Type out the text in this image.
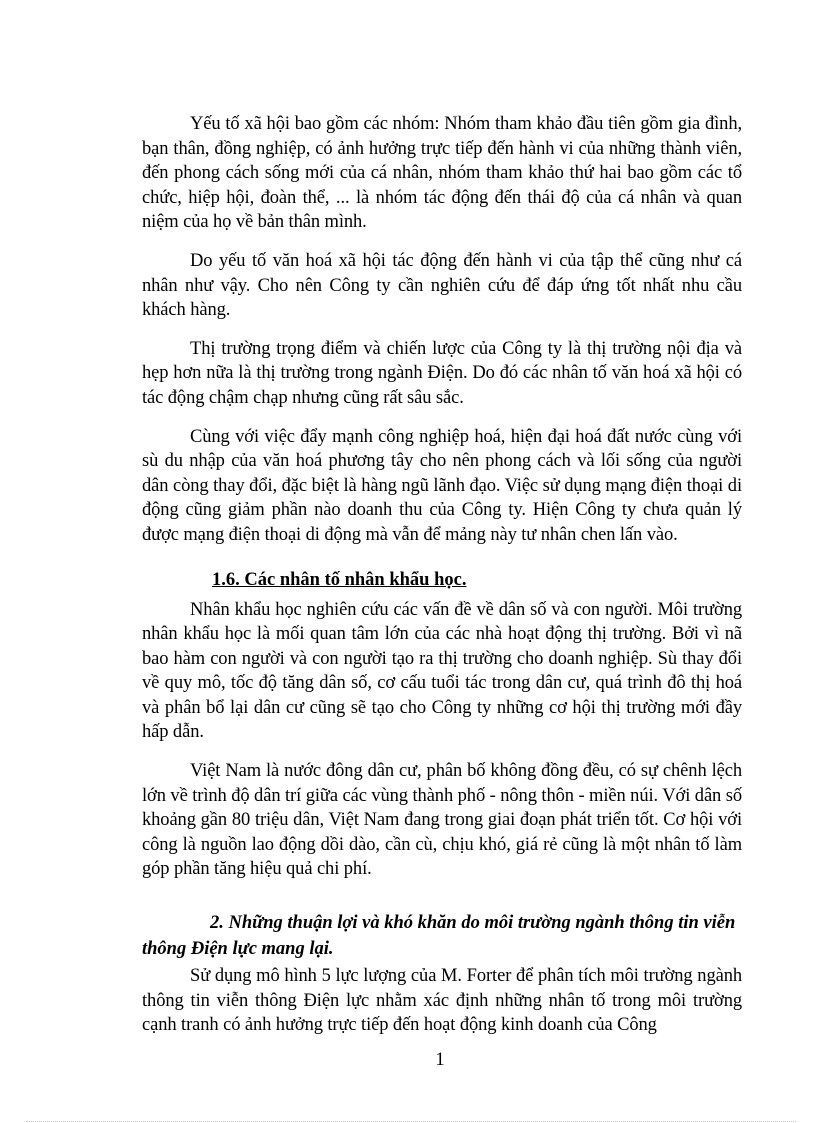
Yếu tố xã hội bao gồm các nhóm: Nhóm tham khảo đầu tiên gồm gia đình, bạn thân, đồng nghiệp, có ảnh hưởng trực tiếp đến hành vi của những thành viên, đến phong cách sống mới của cá nhân, nhóm tham khảo thứ hai bao gồm các tổ chức, hiệp hội, đoàn thể, ... là nhóm tác động đến thái độ của cá nhân và quan niệm của họ về bản thân mình.

Do yếu tố văn hoá xã hội tác động đến hành vi của tập thể cũng như cá nhân như vậy. Cho nên Công ty cần nghiên cứu để đáp ứng tốt nhất nhu cầu khách hàng.

Thị trường trọng điểm và chiến lược của Công ty là thị trường nội địa và hẹp hơn nữa là thị trường trong ngành Điện. Do đó các nhân tố văn hoá xã hội có tác động chậm chạp nhưng cũng rất sâu sắc.

Cùng với việc đẩy mạnh công nghiệp hoá, hiện đại hoá đất nước cùng với sù du nhập của văn hoá phương tây cho nên phong cách và lối sống của người dân còng thay đổi, đặc biệt là hàng ngũ lãnh đạo. Việc sử dụng mạng điện thoại di động cũng giảm phần nào doanh thu của Công ty. Hiện Công ty chưa quản lý được mạng điện thoại di động mà vẫn để mảng này tư nhân chen lấn vào.

1.6. Các nhân tố nhân khẩu học.

Nhân khẩu học nghiên cứu các vấn đề về dân số và con người. Môi trường nhân khẩu học là mối quan tâm lớn của các nhà hoạt động thị trường. Bởi vì nã bao hàm con người và con người tạo ra thị trường cho doanh nghiệp. Sù thay đổi về quy mô, tốc độ tăng dân số, cơ cấu tuổi tác trong dân cư, quá trình đô thị hoá và phân bổ lại dân cư cũng sẽ tạo cho Công ty những cơ hội thị trường mới đầy hấp dẫn.

Việt Nam là nước đông dân cư, phân bố không đồng đều, có sự chênh lệch lớn về trình độ dân trí giữa các vùng thành phố - nông thôn - miền núi. Với dân số khoảng gần 80 triệu dân, Việt Nam đang trong giai đoạn phát triển tốt. Cơ hội với công là nguồn lao động dồi dào, cần cù, chịu khó, giá rẻ cũng là một nhân tố làm góp phần tăng hiệu quả chi phí.

2. Những thuận lợi và khó khăn do môi trường ngành thông tin viễn thông Điện lực mang lại.

Sử dụng mô hình 5 lực lượng của M. Forter để phân tích môi trường ngành thông tin viễn thông Điện lực nhằm xác định những nhân tố trong môi trường cạnh tranh có ảnh hưởng trực tiếp đến hoạt động kinh doanh của Công

1
